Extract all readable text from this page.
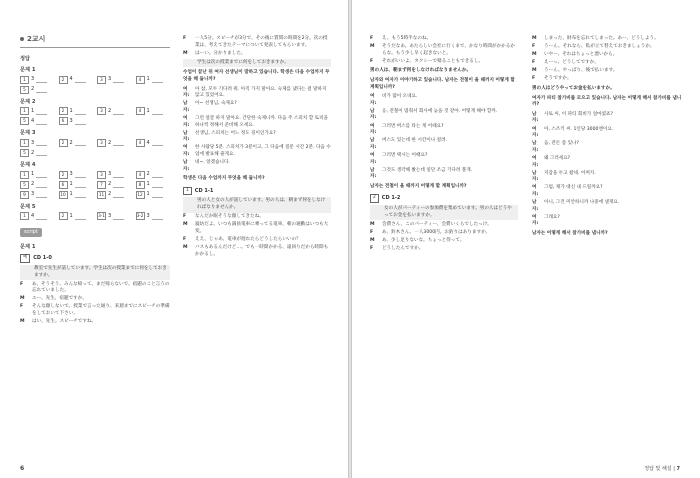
2교시
정답
문제 1
1	3	2	4	3	3	4	1
5	2
문제 2
1	1	2	1	3	2	4	1
5	4	6	3
문제 3
1	3	2	2	3	2	4	4
5	2
문제 4
1	1	2	3	3	3	4	2
5	2	6	1	7	2	8	1
9	3	10 1	11 2	12 1
문제 5
1	4	2	1	3-1 3	3-2 3
script
문제 1
예	CD 1-0
教室で先生が話しています。学生は次の授業までに何をしておきますか。
F	あ、そうそう、みんな帰って、まだ帰らないで。宿題のこと言うの忘れていました。
M	エー、先生、宿題ですか。
F	そんな顔しないで。授業で言った通り、来週までにスピーチの準備をしておいて下さい。
M	はい、先生。スピーチですね。
F	一人5分。スピーチが3分で、その後に質問の時間を2分。次の授業は、考えてきたテーマについて発表してもらいます。
M	はーい。分かりました。
学生は次の授業までに何をしておきますか。
수업이 끝난 뒤 여자 선생님이 말하고 있습니다. 학생은 다음 수업까지 무엇을 해 둡니까?
여자:
아 참, 모두 기다려 줘. 아직 가지 말아요. 숙제를 냈다는 걸 말하지 않고 있었어요.
남자:
아~ 선생님, 숙제요?
여자:
그런 얼굴 하지 말아요. 간단한 숙제니까. 다음 주 스피치 할 토픽을 하나씩 정해서 준비해 오세요.
남자:
선생님, 스피치는 어느 정도 길이인가요?
여자:
한 사람당 5분. 스피치가 3분이고, 그 다음에 질문 시간 2분. 다음 수업에 발표해 줄게요.
남자:
네~. 알겠습니다.
학생은 다음 수업까지 무엇을 해 둡니까?
1	CD 1-1
男の人と女の人が話しています。男の人は、朝まず何をしなければなりませんか。
F	なんだか眠そうな顔してきたね。
M	寝坊だよ。いつも満員電車に乗ってる電車、朝の通勤はいつも大変。
F	ええ、じゃあ、電車が遅れたらどうしたらいいの？
M	バスもあるんだけど…。でも一時間かかる、遠回りだから時間もかかるし。
6
F	え、もう5時半なのね。
M	そうだなあ。あたらしい会社に行くまで、かなり時間がかかるからな。もう少し早く起きないと。
F	それがいいよ。タクシーで帰ることもできるし。
男の人は、朝まず何をしなければなりませんか。
남자와 여자가 이야기하고 있습니다. 남자는 전철이 올 때까지 어떻게 할 계획입니까?
여자:
비가 많이 오네요.
남자:
응, 전철이 멈춰서 회사에 늦을 것 같아. 어떻게 해야 할까.
여자:
그러면 버스를 타는 게 어때요?
남자:
버스도 있는데 한 시간이나 걸려.
여자:
그러면 택시는 어때요?
남자:
그것도 생각해 봤는데 일단 조금 기다려 볼게.
남자는 전철이 올 때까지 어떻게 할 계획입니까?
2	CD 1-2
女の人がパーティーの参加費を集めています。男の人はどうやってお金を払いますか。
M	会費さん、このパーティー、会費いくらでしたっけ。
F	あ、鈴木さん。一人3000円。お釣りはありますか。
M	あ、少し足りないな。ちょっと待って。
F	どうしたんですか。
M	しまった、財布を忘れてしまった。あー、どうしよう。
F	うーん、それなら、私が立て替えておきましょうか。
M	いやー、それはちょっと悪いから。
F	えーっ、どうしてですか。
M	うーん、やっぱり、後で払います。
F	そうですか。
男の人はどうやってお金を払いますか。
여자가 파티 참가비를 모으고 있습니다. 남자는 어떻게 해서 참가비를 냅니까?
남자:
사토 씨, 이 파티 회비가 얼마였죠?
여자:
아, 스즈키 씨. 1인당 3000엔이요.
남자:
음, 잔돈 좀 있나?
여자:
왜 그러세요?
남자:
지갑을 두고 왔네. 어쩌지.
여자:
그럼, 제가 대신 내 드릴까요?
남자:
아니, 그건 미안하니까 나중에 낼게요.
여자:
그래요?
남자는 어떻게 해서 참가비를 냅니까?
정답 및 해설 | 7
